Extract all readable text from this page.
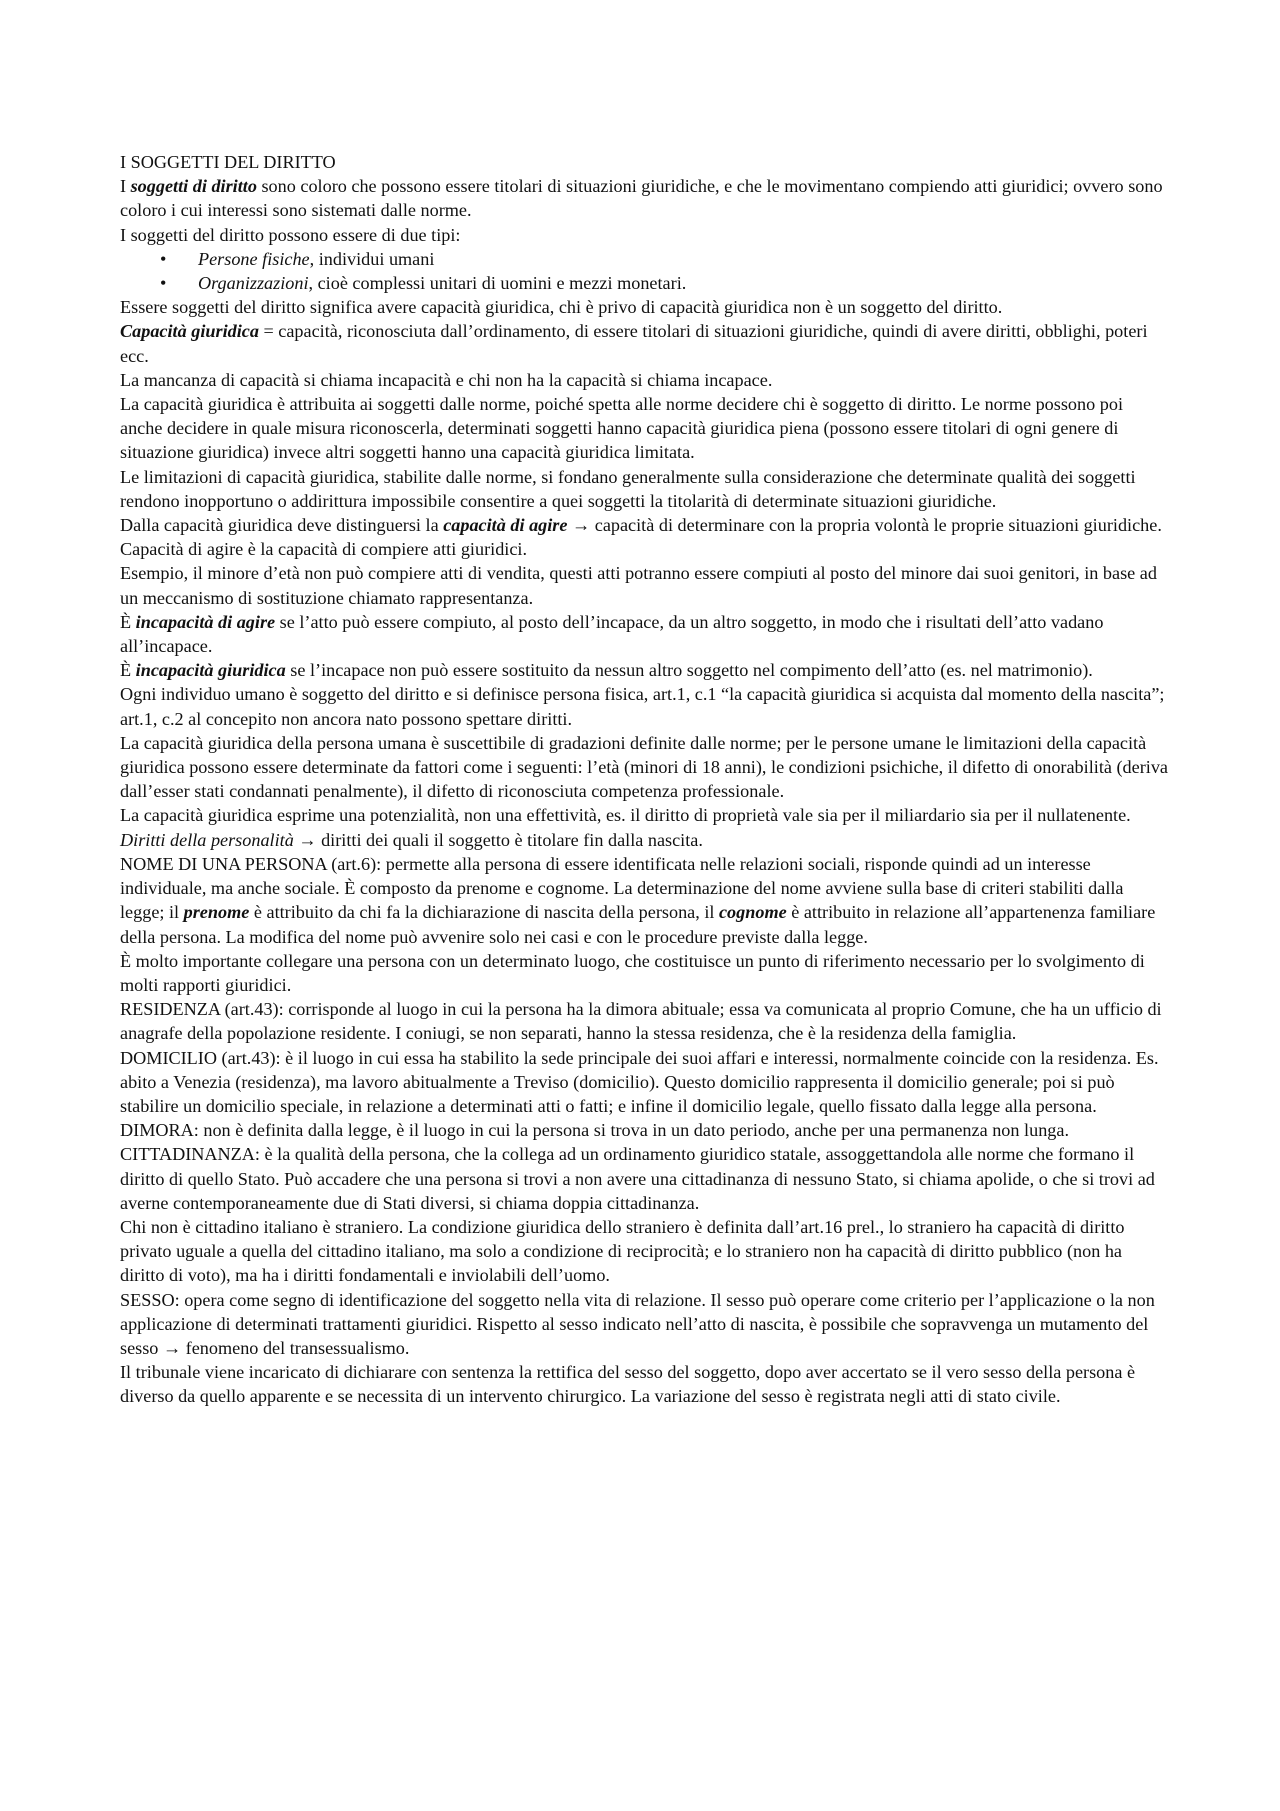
I SOGGETTI DEL DIRITTO

I soggetti di diritto sono coloro che possono essere titolari di situazioni giuridiche, e che le movimentano compiendo atti giuridici; ovvero sono coloro i cui interessi sono sistemati dalle norme.

I soggetti del diritto possono essere di due tipi:

• Persone fisiche, individui umani
• Organizzazioni, cioè complessi unitari di uomini e mezzi monetari.

Essere soggetti del diritto significa avere capacità giuridica, chi è privo di capacità giuridica non è un soggetto del diritto.

Capacità giuridica = capacità, riconosciuta dall’ordinamento, di essere titolari di situazioni giuridiche, quindi di avere diritti, obblighi, poteri ecc.

La mancanza di capacità si chiama incapacità e chi non ha la capacità si chiama incapace.

La capacità giuridica è attribuita ai soggetti dalle norme, poiché spetta alle norme decidere chi è soggetto di diritto. Le norme possono poi anche decidere in quale misura riconoscerla, determinati soggetti hanno capacità giuridica piena (possono essere titolari di ogni genere di situazione giuridica) invece altri soggetti hanno una capacità giuridica limitata.

Le limitazioni di capacità giuridica, stabilite dalle norme, si fondano generalmente sulla considerazione che determinate qualità dei soggetti rendono inopportuno o addirittura impossibile consentire a quei soggetti la titolarità di determinate situazioni giuridiche.

Dalla capacità giuridica deve distinguersi la capacità di agire → capacità di determinare con la propria volontà le proprie situazioni giuridiche. Capacità di agire è la capacità di compiere atti giuridici.

Esempio, il minore d’età non può compiere atti di vendita, questi atti potranno essere compiuti al posto del minore dai suoi genitori, in base ad un meccanismo di sostituzione chiamato rappresentanza.

È incapacità di agire se l’atto può essere compiuto, al posto dell’incapace, da un altro soggetto, in modo che i risultati dell’atto vadano all’incapace.

È incapacità giuridica se l’incapace non può essere sostituito da nessun altro soggetto nel compimento dell’atto (es. nel matrimonio).

Ogni individuo umano è soggetto del diritto e si definisce persona fisica, art.1, c.1 “la capacità giuridica si acquista dal momento della nascita”; art.1, c.2 al concepito non ancora nato possono spettare diritti.

La capacità giuridica della persona umana è suscettibile di gradazioni definite dalle norme; per le persone umane le limitazioni della capacità giuridica possono essere determinate da fattori come i seguenti: l’età (minori di 18 anni), le condizioni psichiche, il difetto di onorabilità (deriva dall’esser stati condannati penalmente), il difetto di riconosciuta competenza professionale.

La capacità giuridica esprime una potenzialità, non una effettività, es. il diritto di proprietà vale sia per il miliardario sia per il nullatenente. Diritti della personalità → diritti dei quali il soggetto è titolare fin dalla nascita.

NOME DI UNA PERSONA (art.6): permette alla persona di essere identificata nelle relazioni sociali, risponde quindi ad un interesse individuale, ma anche sociale. È composto da prenome e cognome. La determinazione del nome avviene sulla base di criteri stabiliti dalla legge; il prenome è attribuito da chi fa la dichiarazione di nascita della persona, il cognome è attribuito in relazione all’appartenenza familiare della persona. La modifica del nome può avvenire solo nei casi e con le procedure previste dalla legge.

È molto importante collegare una persona con un determinato luogo, che costituisce un punto di riferimento necessario per lo svolgimento di molti rapporti giuridici.

RESIDENZA (art.43): corrisponde al luogo in cui la persona ha la dimora abituale; essa va comunicata al proprio Comune, che ha un ufficio di anagrafe della popolazione residente. I coniugi, se non separati, hanno la stessa residenza, che è la residenza della famiglia.

DOMICILIO (art.43): è il luogo in cui essa ha stabilito la sede principale dei suoi affari e interessi, normalmente coincide con la residenza. Es. abito a Venezia (residenza), ma lavoro abitualmente a Treviso (domicilio). Questo domicilio rappresenta il domicilio generale; poi si può stabilire un domicilio speciale, in relazione a determinati atti o fatti; e infine il domicilio legale, quello fissato dalla legge alla persona.

DIMORA: non è definita dalla legge, è il luogo in cui la persona si trova in un dato periodo, anche per una permanenza non lunga.

CITTADINANZA: è la qualità della persona, che la collega ad un ordinamento giuridico statale, assoggettandola alle norme che formano il diritto di quello Stato. Può accadere che una persona si trovi a non avere una cittadinanza di nessuno Stato, si chiama apolide, o che si trovi ad averne contemporaneamente due di Stati diversi, si chiama doppia cittadinanza.

Chi non è cittadino italiano è straniero. La condizione giuridica dello straniero è definita dall’art.16 prel., lo straniero ha capacità di diritto privato uguale a quella del cittadino italiano, ma solo a condizione di reciprocità; e lo straniero non ha capacità di diritto pubblico (non ha diritto di voto), ma ha i diritti fondamentali e inviolabili dell’uomo.

SESSO: opera come segno di identificazione del soggetto nella vita di relazione. Il sesso può operare come criterio per l’applicazione o la non applicazione di determinati trattamenti giuridici. Rispetto al sesso indicato nell’atto di nascita, è possibile che sopravvenga un mutamento del sesso → fenomeno del transessualismo.

Il tribunale viene incaricato di dichiarare con sentenza la rettifica del sesso del soggetto, dopo aver accertato se il vero sesso della persona è diverso da quello apparente e se necessita di un intervento chirurgico. La variazione del sesso è registrata negli atti di stato civile.
